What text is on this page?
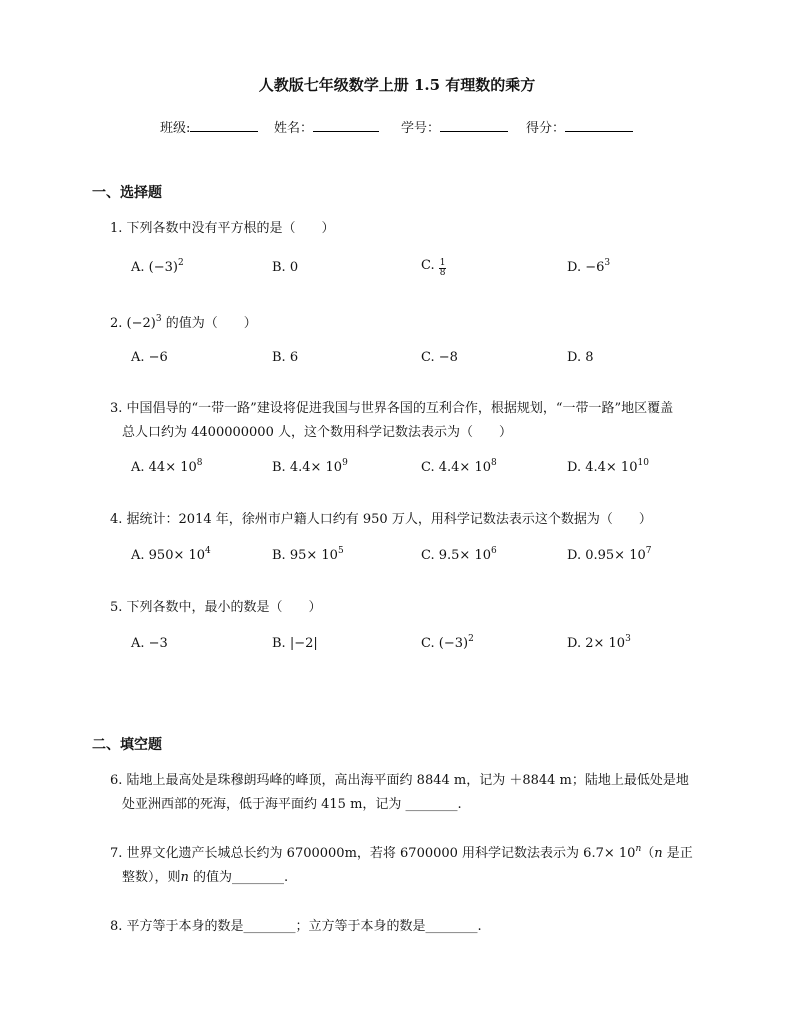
人教版七年级数学上册 1.5 有理数的乘方
班级:	姓名：	学号：	得分：
一、选择题
1. 下列各数中没有平方根的是（　　）
A. $(-3)^2$	B. 0	C. $\frac{1}{8}$	D. $-6^3$
2. $(-2)^3$ 的值为（　　）
A. −6	B. 6	C. −8	D. 8
3. 中国倡导的“一带一路”建设将促进我国与世界各国的互利合作，根据规划，“一带一路”地区覆盖
总人口约为 4400000000 人，这个数用科学记数法表示为（　　）
A. $44\times 10^8$	B. $4.4\times 10^9$	C. $4.4\times 10^8$	D. $4.4\times 10^{10}$
4. 据统计：2014 年，徐州市户籍人口约有 950 万人，用科学记数法表示这个数据为（　　）
A. $950\times 10^4$	B. $95\times 10^5$	C. $9.5\times 10^6$	D. $0.95\times 10^7$
5. 下列各数中，最小的数是（　　）
A. −3	B. |−2|	C. $(-3)^2$	D. $2\times 10^3$
二、填空题
6. 陆地上最高处是珠穆朗玛峰的峰顶，高出海平面约 8844 m，记为 ＋8844 m；陆地上最低处是地
处亚洲西部的死海，低于海平面约 415 m，记为 ________.
7. 世界文化遗产长城总长约为 6700000m，若将 6700000 用科学记数法表示为 $6.7\times 10^n(n$ 是正
整数），则n 的值为________.
8. 平方等于本身的数是________；立方等于本身的数是________.
